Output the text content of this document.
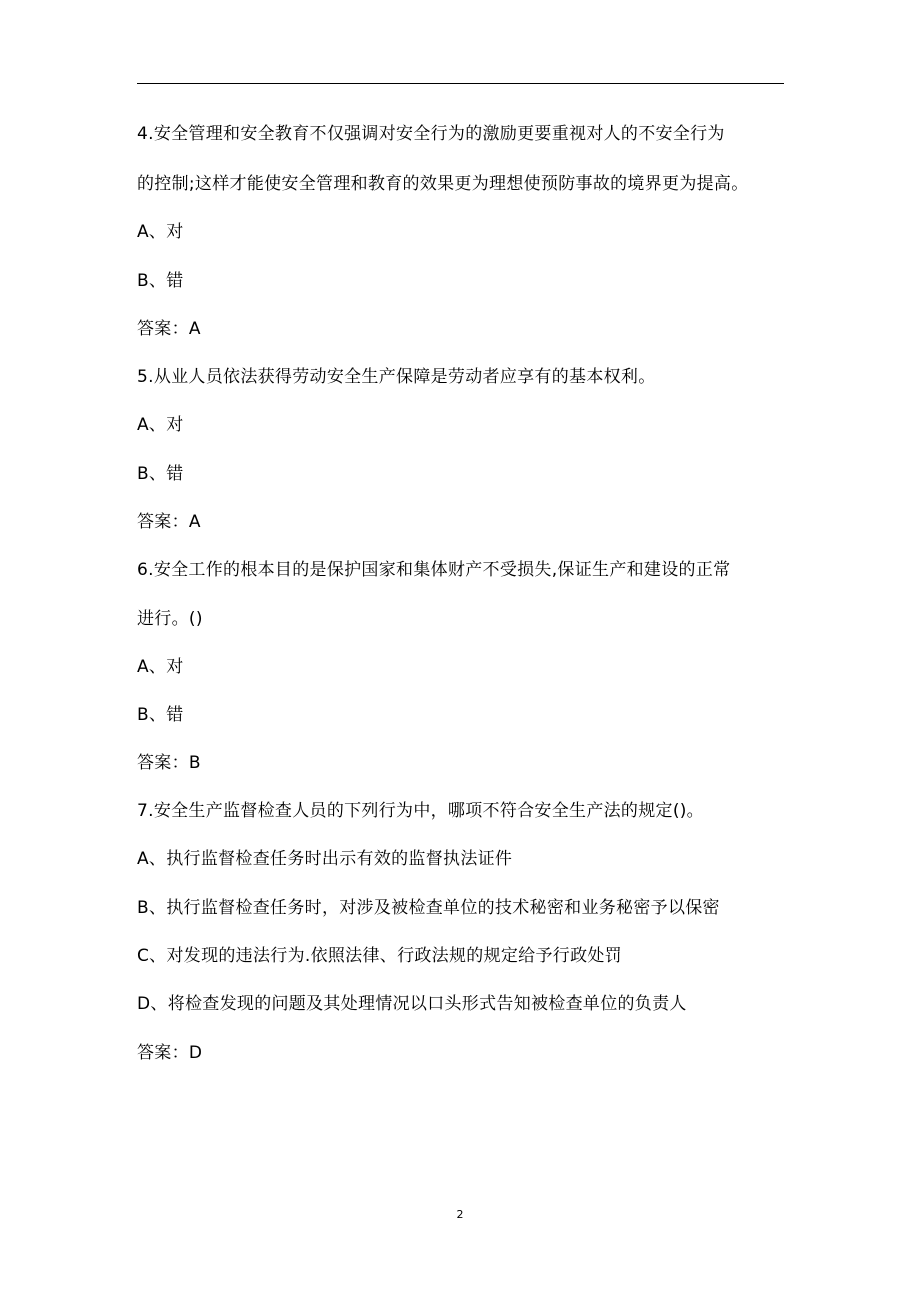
4.安全管理和安全教育不仅强调对安全行为的激励更要重视对人的不安全行为
的控制;这样才能使安全管理和教育的效果更为理想使预防事故的境界更为提高。
A、对
B、错
答案：A
5.从业人员依法获得劳动安全生产保障是劳动者应享有的基本权利。
A、对
B、错
答案：A
6.安全工作的根本目的是保护国家和集体财产不受损失,保证生产和建设的正常
进行。()
A、对
B、错
答案：B
7.安全生产监督检查人员的下列行为中，哪项不符合安全生产法的规定()。
A、执行监督检查任务时出示有效的监督执法证件
B、执行监督检查任务时，对涉及被检查单位的技术秘密和业务秘密予以保密
C、对发现的违法行为.依照法律、行政法规的规定给予行政处罚
D、将检查发现的问题及其处理情况以口头形式告知被检查单位的负责人
答案：D
2
